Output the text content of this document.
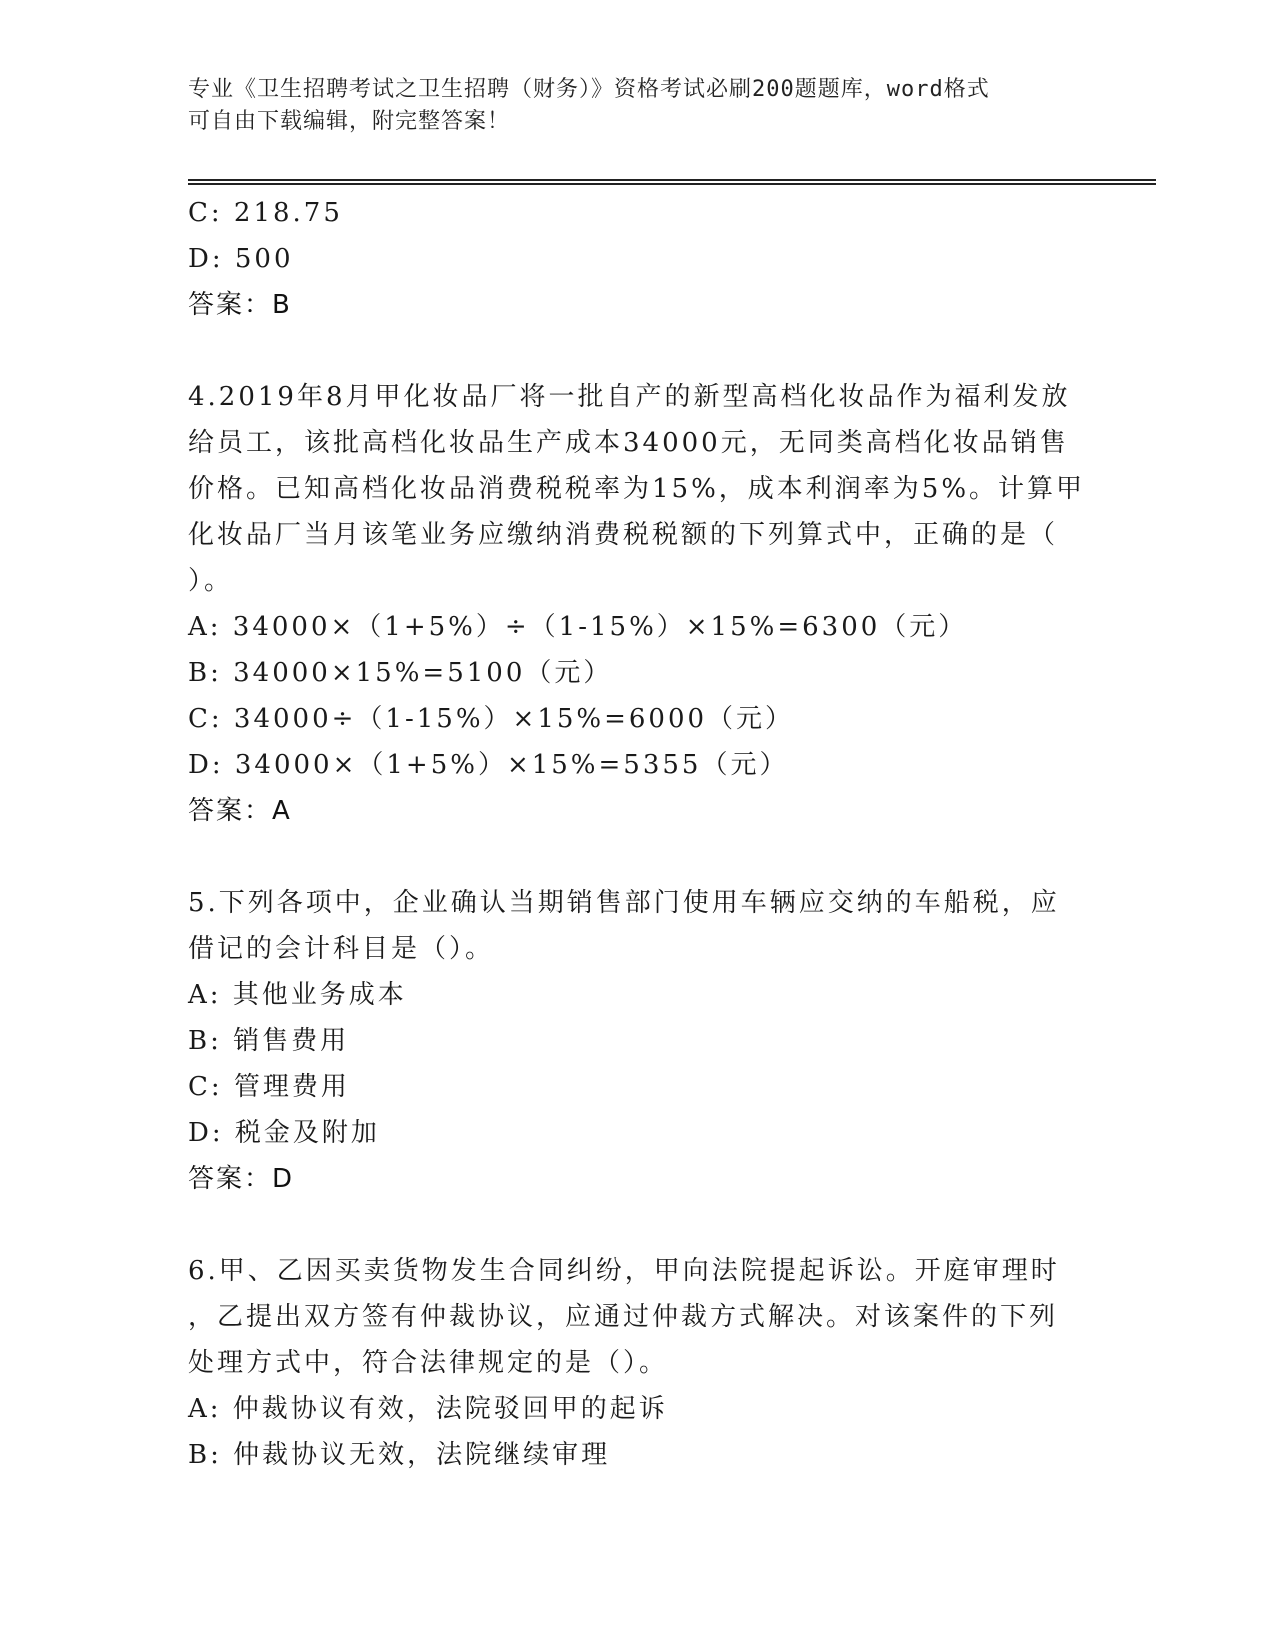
专业《卫生招聘考试之卫生招聘（财务）》资格考试必刷200题题库，word格式
可自由下载编辑，附完整答案！
C: 218.75
D: 500
答案：B
4.2019年8月甲化妆品厂将一批自产的新型高档化妆品作为福利发放
给员工，该批高档化妆品生产成本34000元，无同类高档化妆品销售
价格。已知高档化妆品消费税税率为15%，成本利润率为5%。计算甲
化妆品厂当月该笔业务应缴纳消费税税额的下列算式中，正确的是（
）。
A: 34000×（1+5%）÷（1-15%）×15%=6300（元）
B: 34000×15%=5100（元）
C: 34000÷（1-15%）×15%=6000（元）
D: 34000×（1+5%）×15%=5355（元）
答案：A
5.下列各项中，企业确认当期销售部门使用车辆应交纳的车船税，应
借记的会计科目是（）。
A: 其他业务成本
B: 销售费用
C: 管理费用
D: 税金及附加
答案：D
6.甲、乙因买卖货物发生合同纠纷，甲向法院提起诉讼。开庭审理时
，乙提出双方签有仲裁协议，应通过仲裁方式解决。对该案件的下列
处理方式中，符合法律规定的是（）。
A: 仲裁协议有效，法院驳回甲的起诉
B: 仲裁协议无效，法院继续审理
